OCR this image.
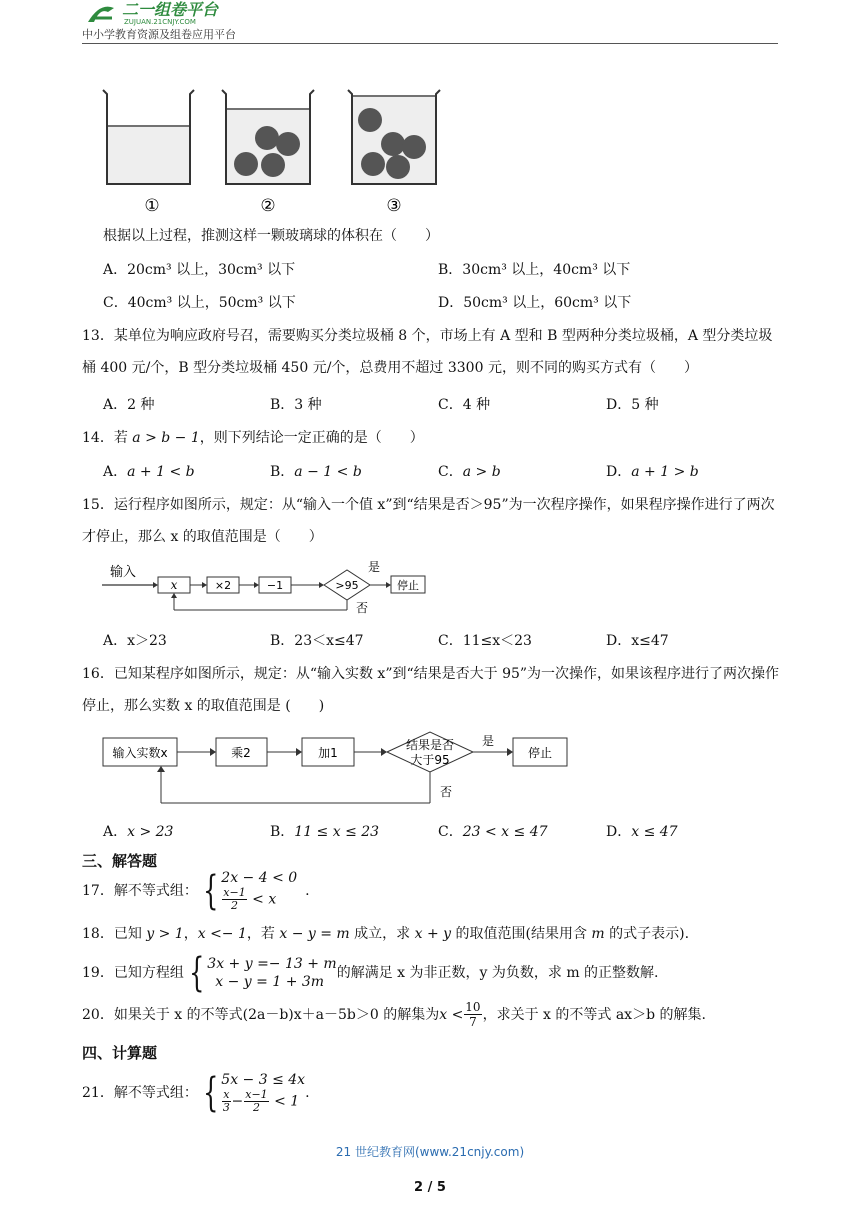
二一组卷平台
ZUJUAN.21CNJY.COM
中小学教育资源及组卷应用平台
①	②	③
根据以上过程，推测这样一颗玻璃球的体积在（　　）
A．20cm³ 以上，30cm³ 以下	B．30cm³ 以上，40cm³ 以下
C．40cm³ 以上，50cm³ 以下	D．50cm³ 以上，60cm³ 以下
13．某单位为响应政府号召，需要购买分类垃圾桶 8 个，市场上有 A 型和 B 型两种分类垃圾桶，A 型分类垃圾桶 400 元/个，B 型分类垃圾桶 450 元/个，总费用不超过 3300 元，则不同的购买方式有（　　）
A．2 种	B．3 种	C．4 种	D．5 种
14．若 a > b − 1，则下列结论一定正确的是（　　）
A．a + 1 < b	B．a − 1 < b	C．a > b	D．a + 1 > b
15．运行程序如图所示，规定：从“输入一个值 x”到“结果是否＞95”为一次程序操作，如果程序操作进行了两次才停止，那么 x 的取值范围是（　　）
输入
x	×2	−1	>95
是
停止
否
A．x＞23	B．23＜x≤47	C．11≤x＜23	D．x≤47
16．已知某程序如图所示，规定：从“输入实数 x”到“结果是否大于 95”为一次操作，如果该程序进行了两次操作停止，那么实数 x 的取值范围是 (　　)
输入实数x	乘2	加1
结果是否
大于95
是
停止
否
A．x > 23	B．11 ≤ x ≤ 23	C．23 < x ≤ 47	D．x ≤ 47
三、解答题
17．解不等式组： { 2x − 4 < 0
$\frac{x-1}{2} < x$
.
18．已知 y > 1，x <− 1，若 x − y = m 成立，求 x + y 的取值范围(结果用含 m 的式子表示).
19．已知方程组 { 3x + y =− 13 + m
x − y = 1 + 3m
的解满足 x 为非正数，y 为负数，求 m 的正整数解.
20．如果关于 x 的不等式(2a－b)x＋a－5b＞0 的解集为 $x < \frac{10}{7}$ ，求关于 x 的不等式 ax＞b 的解集.
四、计算题
21．解不等式组： { 5x − 3 ≤ 4x
$\frac{x}{3} - \frac{x-1}{2} < 1$
.
21 世纪教育网(www.21cnjy.com)
2 / 5
